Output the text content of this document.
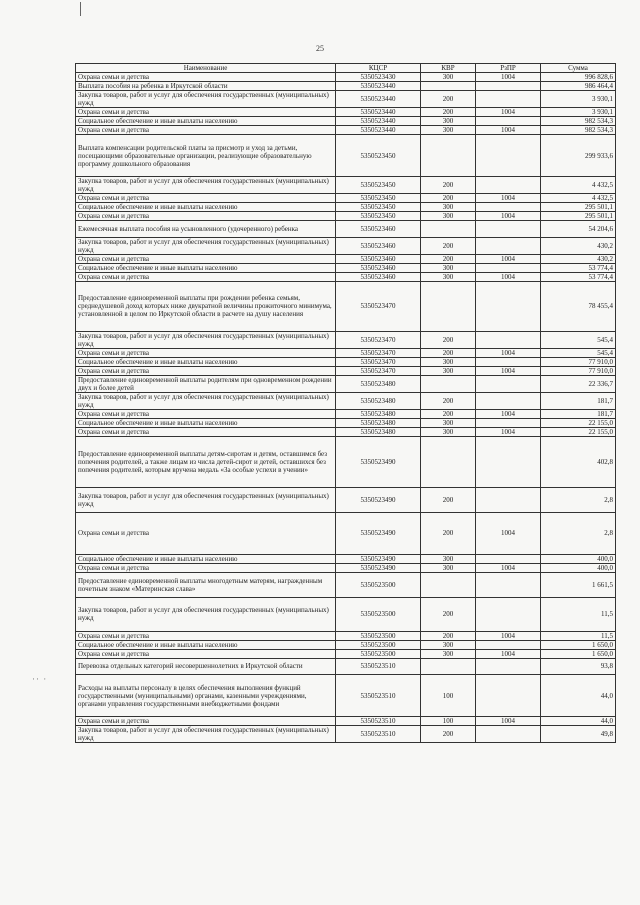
25
·· ·
Наименование	КЦСР	КВР	РзПР	Сумма
Охрана семьи и детства	5350523430	300	1004	996 828,6
Выплата пособия на ребенка в Иркутской области	5350523440			986 464,4
Закупка товаров, работ и услуг для обеспечения государственных (муниципальных) нужд	5350523440	200		3 930,1
Охрана семьи и детства	5350523440	200	1004	3 930,1
Социальное обеспечение и иные выплаты населению	5350523440	300		982 534,3
Охрана семьи и детства	5350523440	300	1004	982 534,3
Выплата компенсации родительской платы за присмотр и уход за детьми, посещающими образовательные организации, реализующие образовательную программу дошкольного образования	5350523450			299 933,6
Закупка товаров, работ и услуг для обеспечения государственных (муниципальных) нужд	5350523450	200		4 432,5
Охрана семьи и детства	5350523450	200	1004	4 432,5
Социальное обеспечение и иные выплаты населению	5350523450	300		295 501,1
Охрана семьи и детства	5350523450	300	1004	295 501,1
Ежемесячная выплата пособия на усыновленного (удочеренного) ребенка	5350523460			54 204,6
Закупка товаров, работ и услуг для обеспечения государственных (муниципальных) нужд	5350523460	200		430,2
Охрана семьи и детства	5350523460	200	1004	430,2
Социальное обеспечение и иные выплаты населению	5350523460	300		53 774,4
Охрана семьи и детства	5350523460	300	1004	53 774,4
Предоставление единовременной выплаты при рождении ребенка семьям, среднедушевой доход которых ниже двукратной величины прожиточного минимума, установленной в целом по Иркутской области в расчете на душу населения	5350523470			78 455,4
Закупка товаров, работ и услуг для обеспечения государственных (муниципальных) нужд	5350523470	200		545,4
Охрана семьи и детства	5350523470	200	1004	545,4
Социальное обеспечение и иные выплаты населению	5350523470	300		77 910,0
Охрана семьи и детства	5350523470	300	1004	77 910,0
Предоставление единовременной выплаты родителям при одновременном рождении двух и более детей	5350523480			22 336,7
Закупка товаров, работ и услуг для обеспечения государственных (муниципальных) нужд	5350523480	200		181,7
Охрана семьи и детства	5350523480	200	1004	181,7
Социальное обеспечение и иные выплаты населению	5350523480	300		22 155,0
Охрана семьи и детства	5350523480	300	1004	22 155,0
Предоставление единовременной выплаты детям-сиротам и детям, оставшимся без попечения родителей, а также лицам из числа детей-сирот и детей, оставшихся без попечения родителей, которым вручена медаль «За особые успехи в учении»	5350523490			402,8
Закупка товаров, работ и услуг для обеспечения государственных (муниципальных) нужд	5350523490	200		2,8
Охрана семьи и детства	5350523490	200	1004	2,8
Социальное обеспечение и иные выплаты населению	5350523490	300		400,0
Охрана семьи и детства	5350523490	300	1004	400,0
Предоставление единовременной выплаты многодетным матерям, награжденным почетным знаком «Материнская слава»	5350523500			1 661,5
Закупка товаров, работ и услуг для обеспечения государственных (муниципальных) нужд	5350523500	200		11,5
Охрана семьи и детства	5350523500	200	1004	11,5
Социальное обеспечение и иные выплаты населению	5350523500	300		1 650,0
Охрана семьи и детства	5350523500	300	1004	1 650,0
Перевозка отдельных категорий несовершеннолетних в Иркутской области	5350523510			93,8
Расходы на выплаты персоналу в целях обеспечения выполнения функций государственными (муниципальными) органами, казенными учреждениями, органами управления государственными внебюджетными фондами	5350523510	100		44,0
Охрана семьи и детства	5350523510	100	1004	44,0
Закупка товаров, работ и услуг для обеспечения государственных (муниципальных) нужд	5350523510	200		49,8
